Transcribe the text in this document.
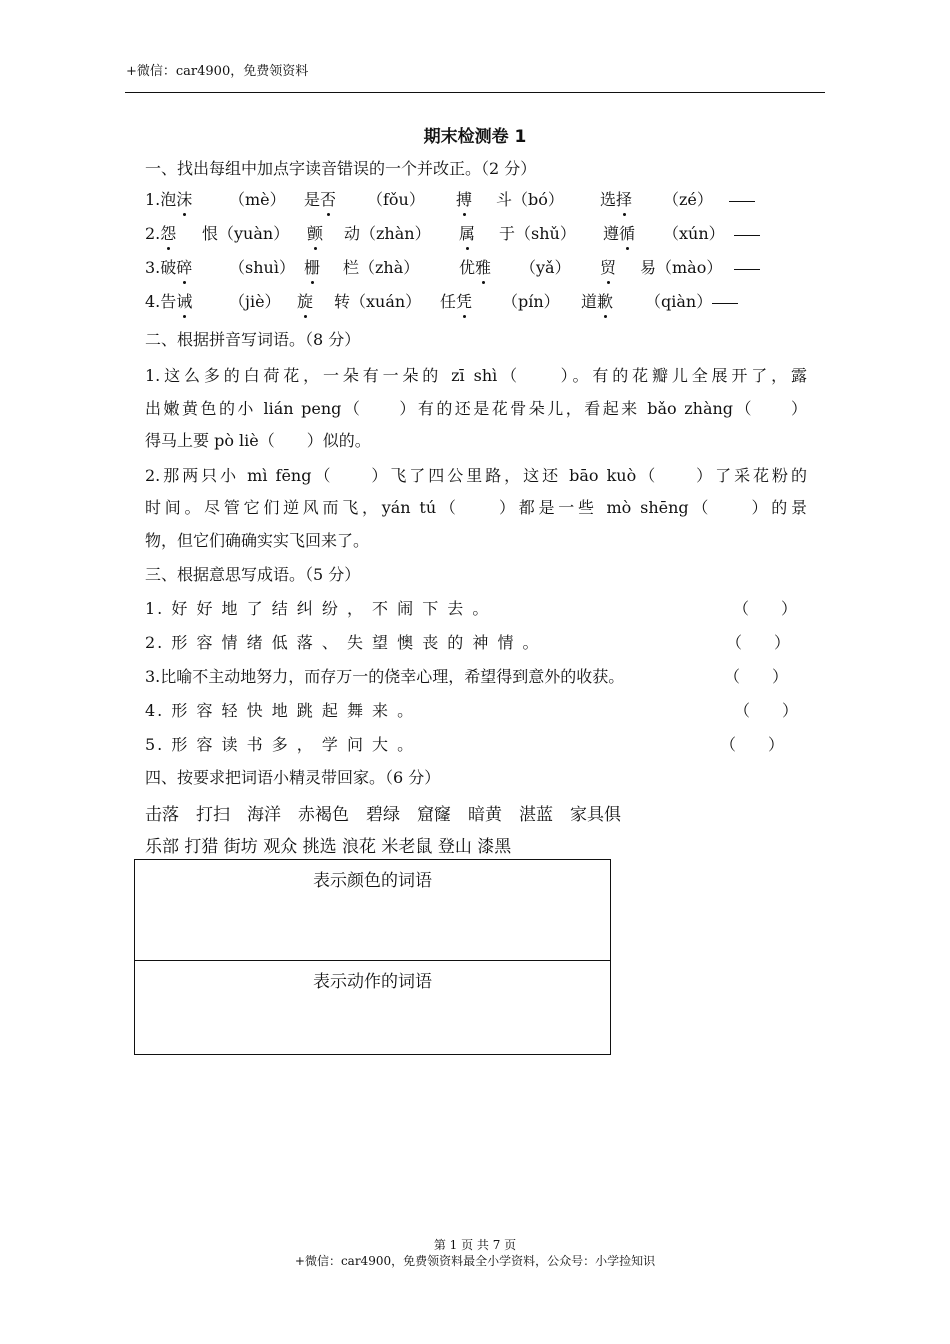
+微信：car4900，免费领资料
期末检测卷 1
一、找出每组中加点字读音错误的一个并改正。（2 分）
1.泡沫 （mè） 是否 （fǒu） 搏 斗（bó） 选择 （zé）
2.怨 恨（yuàn） 颤 动（zhàn） 属 于（shǔ） 遵循 （xún）
3.破碎 （shuì） 栅 栏（zhà） 优雅 （yǎ） 贸 易（mào）
4.告诫 （jiè） 旋 转（xuán） 任凭 （pín） 道歉 （qiàn）
二、根据拼音写词语。（8 分）
1.这么多的白荷花，一朵有一朵的 zī shì（　　）。有的花瓣儿全展开了，露
出嫩黄色的小 lián peng（　　）有的还是花骨朵儿，看起来 bǎo zhàng（　　）
得马上要 pò liè（　　）似的。
2.那两只小 mì fēng（　　）飞了四公里路，这还 bāo kuò（　　）了采花粉的
时间。尽管它们逆风而飞，yán tú（　　）都是一些 mò shēng（　　）的景
物，但它们确确实实飞回来了。
三、根据意思写成语。（5 分）
1. 好 好 地 了 结 纠 纷 ， 不 闹 下 去 。	（　　）
2. 形 容 情 绪 低 落 、 失 望 懊 丧 的 神 情 。	（　　）
3.比喻不主动地努力，而存万一的侥幸心理，希望得到意外的收获。	（　　）
4. 形 容 轻 快 地 跳 起 舞 来 。	（　　）
5. 形 容 读 书 多 ， 学 问 大 。	（　　）
四、按要求把词语小精灵带回家。（6 分）
击落　打扫　海洋　赤褐色　碧绿　窟窿　暗黄　湛蓝　家具俱
乐部 打猎 街坊 观众 挑选 浪花 米老鼠 登山 漆黑
表示颜色的词语
表示动作的词语
第 1 页 共 7 页
+微信：car4900，免费领资料最全小学资料，公众号：小学捡知识
